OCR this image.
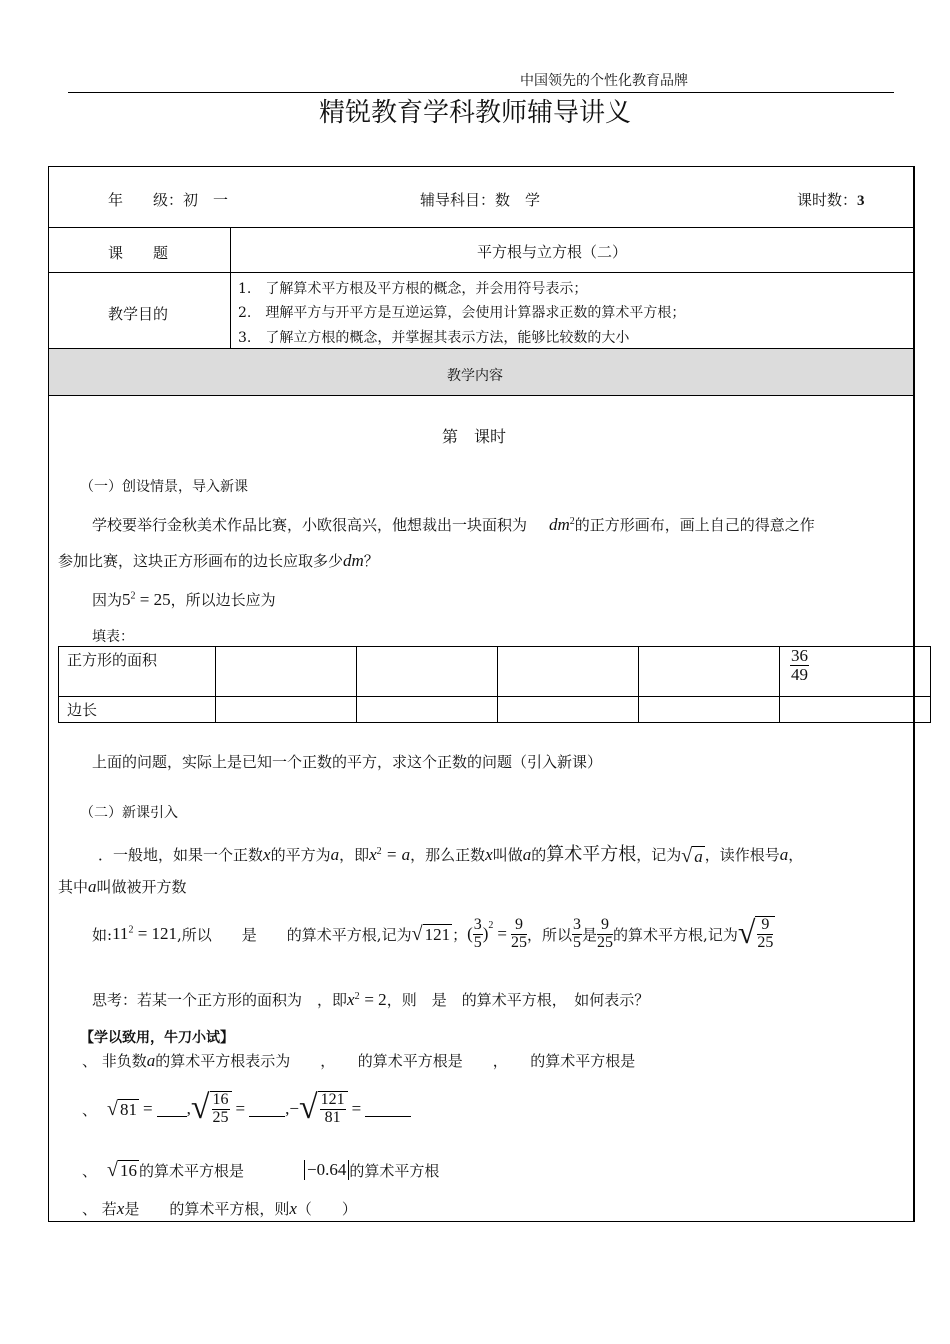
中国领先的个性化教育品牌
精锐教育学科教师辅导讲义
年　　级：初　一	辅导科目：数　学	课时数：3
课　　题	平方根与立方根（二）
教学目的
1.　了解算术平方根及平方根的概念，并会用符号表示；
2.　理解平方与开平方是互逆运算，会使用计算器求正数的算术平方根；
3.　了解立方根的概念，并掌握其表示方法，能够比较数的大小
教学内容
第　课时
（一）创设情景，导入新课
学校要举行金秋美术作品比赛，小欧很高兴，他想裁出一块面积为 $dm^2$的正方形画布，画上自己的得意之作
参加比赛，这块正方形画布的边长应取多少dm？
因为$5^2 = 25$，所以边长应为
填表：
正方形的面积					$\frac{36}{49}$

边长					
上面的问题，实际上是已知一个正数的平方，求这个正数的问题（引入新课）
（二）新课引入
．一般地，如果一个正数x的平方为a，即$x^2 = a$，那么正数x叫做a的算术平方根，记为 √ a ，读作根号a，
其中a叫做被开方数
如: $11^2 = 121$ ,所以　　是　　的算术平方根,记为 √ 121 ； ( $\frac{3}{5} )^2 = \frac{9}{25}$ ，所以 $\frac{3}{5}$ 是 $\frac{9}{25}$ 的算术平方根,记为 √ $\frac{9}{25}$
思考：若某一个正方形的面积为　，即$x^2 = 2$，则　是　的算术平方根，　如何表示？
【学以致用，牛刀小试】
、 非负数a的算术平方根表示为　　，　　的算术平方根是　　，　　的算术平方根是
、 √ 81 = , √ $\frac{16}{25}$ = ,− √ $\frac{121}{81}$ =
、 √ 16 的算术平方根是	−0.64 的算术平方根
、 若x是　　的算术平方根，则x（　　）
